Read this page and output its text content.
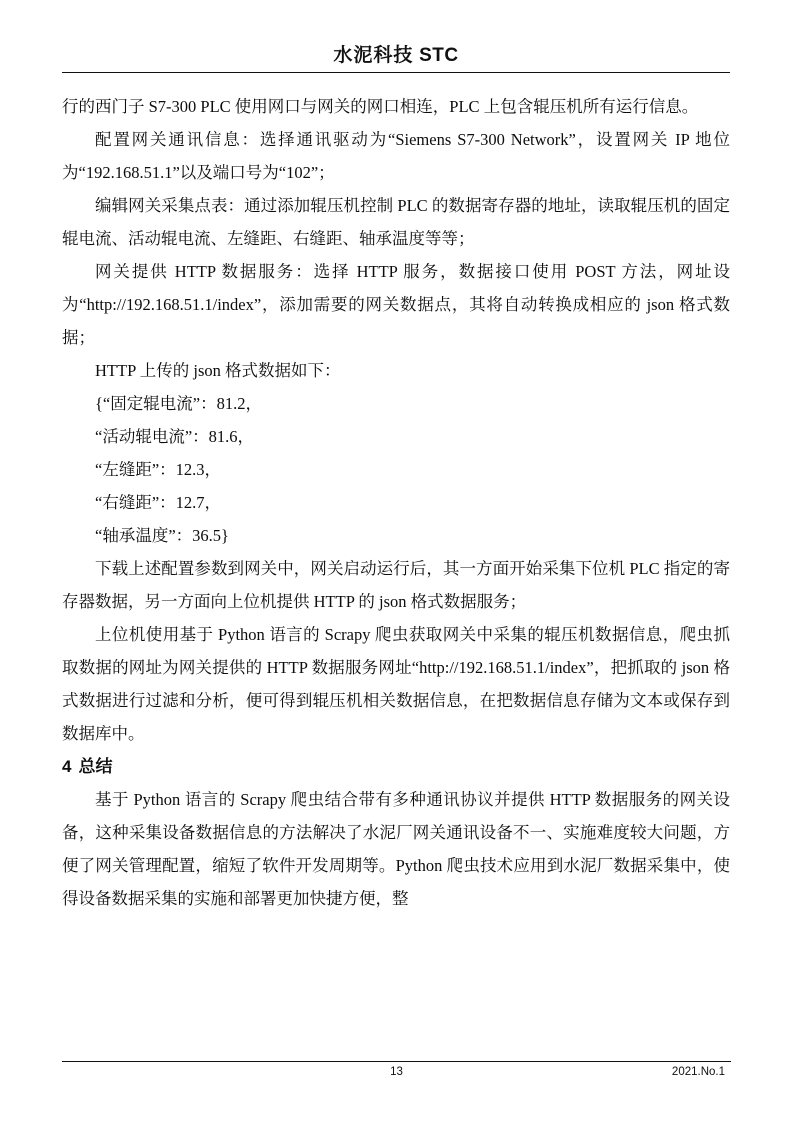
水泥科技 STC

行的西门子 S7-300 PLC 使用网口与网关的网口相连，PLC 上包含辊压机所有运行信息。

配置网关通讯信息：选择通讯驱动为“Siemens S7-300 Network”，设置网关 IP 地位为“192.168.51.1”以及端口号为“102”；

编辑网关采集点表：通过添加辊压机控制 PLC 的数据寄存器的地址，读取辊压机的固定辊电流、活动辊电流、左缝距、右缝距、轴承温度等等；

网关提供 HTTP 数据服务：选择 HTTP 服务，数据接口使用 POST 方法，网址设为“http://192.168.51.1/index”，添加需要的网关数据点，其将自动转换成相应的 json 格式数据；

HTTP 上传的 json 格式数据如下：

{“固定辊电流”：81.2，

“活动辊电流”：81.6，

“左缝距”：12.3，

“右缝距”：12.7，

“轴承温度”：36.5}

下载上述配置参数到网关中，网关启动运行后，其一方面开始采集下位机 PLC 指定的寄存器数据，另一方面向上位机提供 HTTP 的 json 格式数据服务；

上位机使用基于 Python 语言的 Scrapy 爬虫获取网关中采集的辊压机数据信息，爬虫抓取数据的网址为网关提供的 HTTP 数据服务网址“http://192.168.51.1/index”，把抓取的 json 格式数据进行过滤和分析，便可得到辊压机相关数据信息，在把数据信息存储为文本或保存到数据库中。

4 总结

基于 Python 语言的 Scrapy 爬虫结合带有多种通讯协议并提供 HTTP 数据服务的网关设备，这种采集设备数据信息的方法解决了水泥厂网关通讯设备不一、实施难度较大问题，方便了网关管理配置，缩短了软件开发周期等。Python 爬虫技术应用到水泥厂数据采集中，使得设备数据采集的实施和部署更加快捷方便，整

13	2021.No.1
